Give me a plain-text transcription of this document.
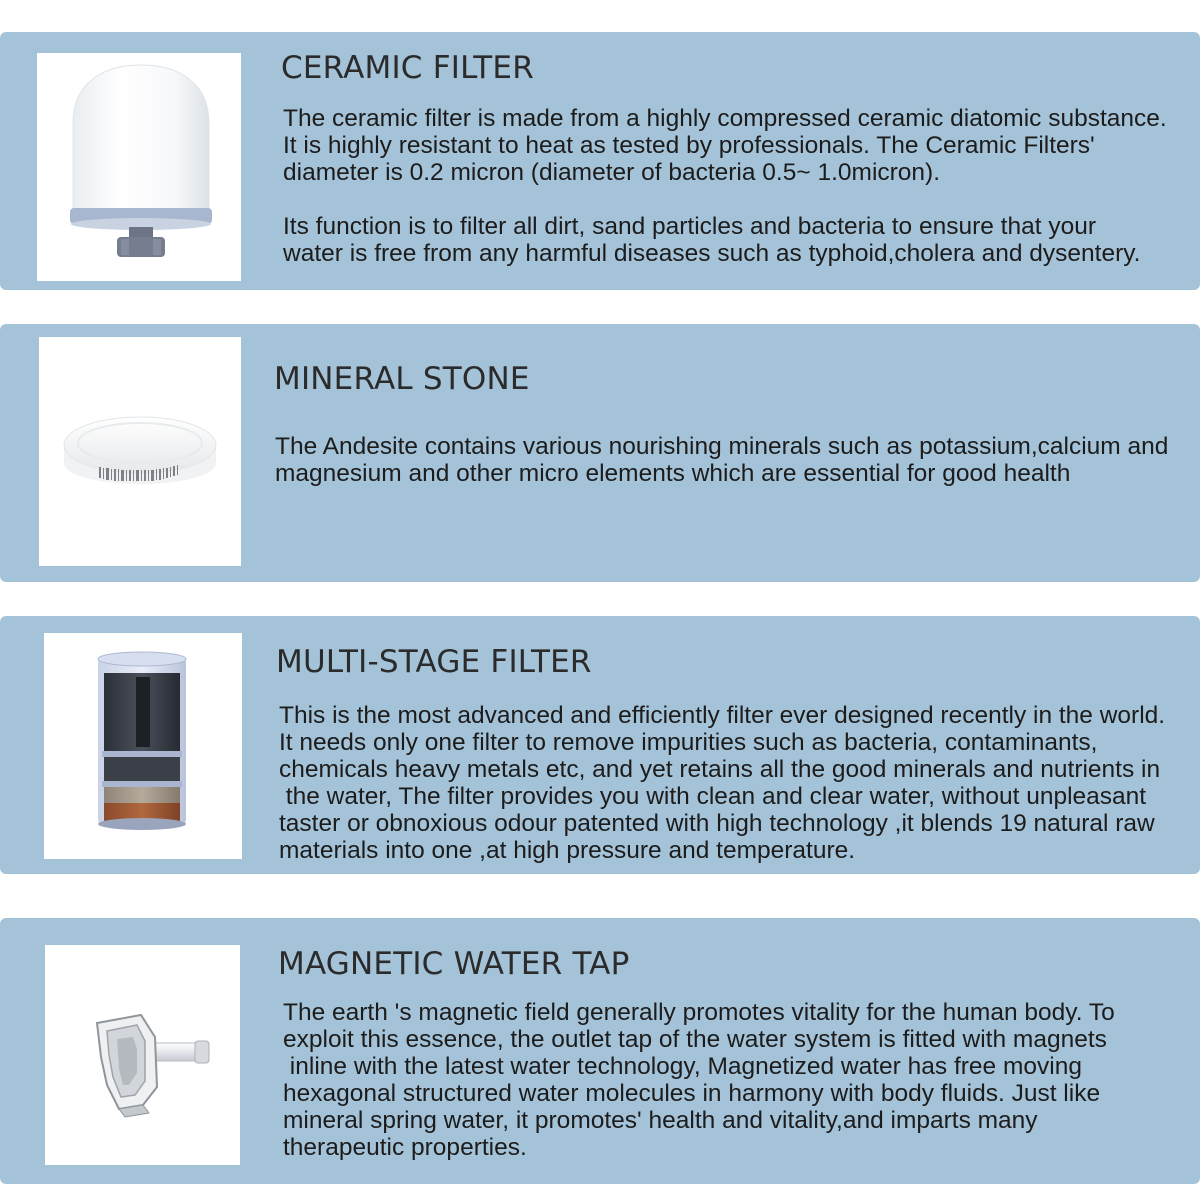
CERAMIC FILTER

The ceramic filter is made from a highly compressed ceramic diatomic substance.
It is highly resistant to heat as tested by professionals. The Ceramic Filters'
diameter is 0.2 micron (diameter of bacteria 0.5~ 1.0micron).

Its function is to filter all dirt, sand particles and bacteria to ensure that your
water is free from any harmful diseases such as typhoid,cholera and dysentery.

MINERAL STONE

The Andesite contains various nourishing minerals such as potassium,calcium and
magnesium and other micro elements which are essential for good health

MULTI-STAGE FILTER

This is the most advanced and efficiently filter ever designed recently in the world.
It needs only one filter to remove impurities such as bacteria, contaminants,
chemicals heavy metals etc, and yet retains all the good minerals and nutrients in
the water, The filter provides you with clean and clear water, without unpleasant
taster or obnoxious odour patented with high technology ,it blends 19 natural raw
materials into one ,at high pressure and temperature.

MAGNETIC WATER TAP

The earth 's magnetic field generally promotes vitality for the human body. To
exploit this essence, the outlet tap of the water system is fitted with magnets
inline with the latest water technology, Magnetized water has free moving
hexagonal structured water molecules in harmony with body fluids. Just like
mineral spring water, it promotes' health and vitality,and imparts many
therapeutic properties.
